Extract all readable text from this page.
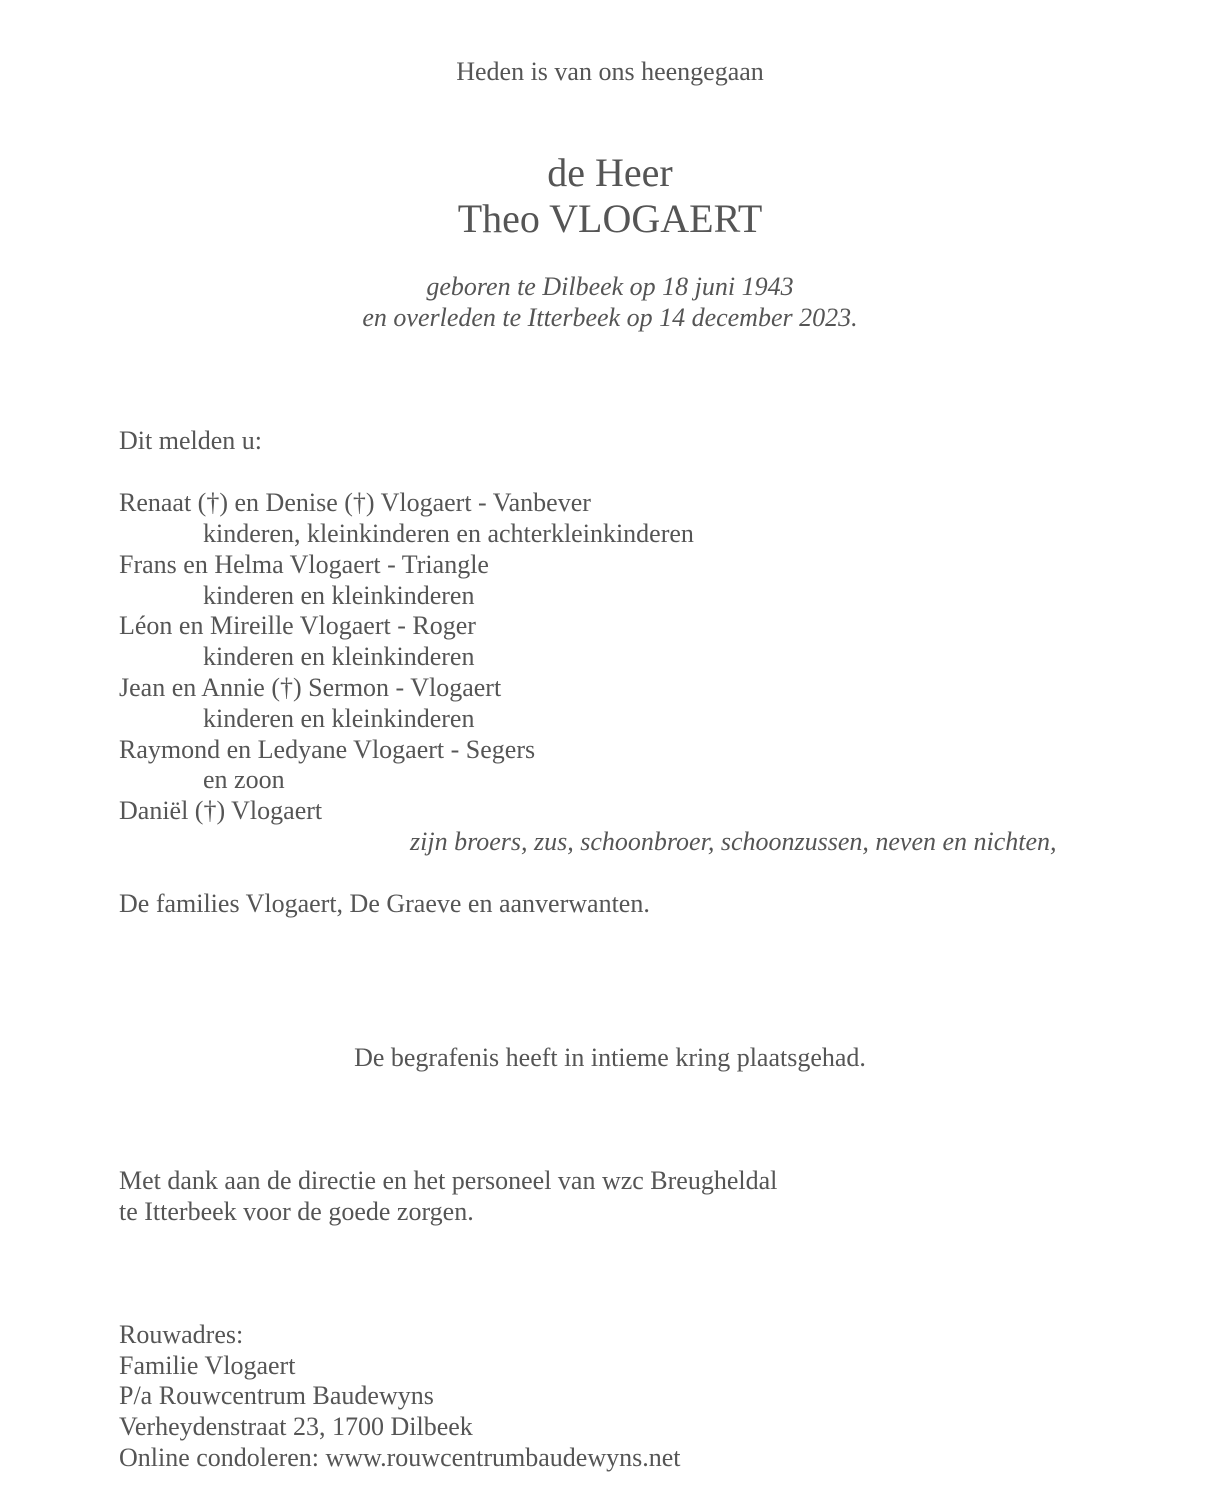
Heden is van ons heengegaan
de Heer
Theo VLOGAERT
geboren te Dilbeek op 18 juni 1943
en overleden te Itterbeek op 14 december 2023.
Dit melden u:
Renaat (†) en Denise (†) Vlogaert - Vanbever
kinderen, kleinkinderen en achterkleinkinderen
Frans en Helma Vlogaert - Triangle
kinderen en kleinkinderen
Léon en Mireille Vlogaert - Roger
kinderen en kleinkinderen
Jean en Annie (†) Sermon - Vlogaert
kinderen en kleinkinderen
Raymond en Ledyane Vlogaert - Segers
en zoon
Daniël (†) Vlogaert
zijn broers, zus, schoonbroer, schoonzussen, neven en nichten,
De families Vlogaert, De Graeve en aanverwanten.
De begrafenis heeft in intieme kring plaatsgehad.
Met dank aan de directie en het personeel van wzc Breugheldal
te Itterbeek voor de goede zorgen.
Rouwadres:
Familie Vlogaert
P/a Rouwcentrum Baudewyns
Verheydenstraat 23, 1700 Dilbeek
Online condoleren: www.rouwcentrumbaudewyns.net
